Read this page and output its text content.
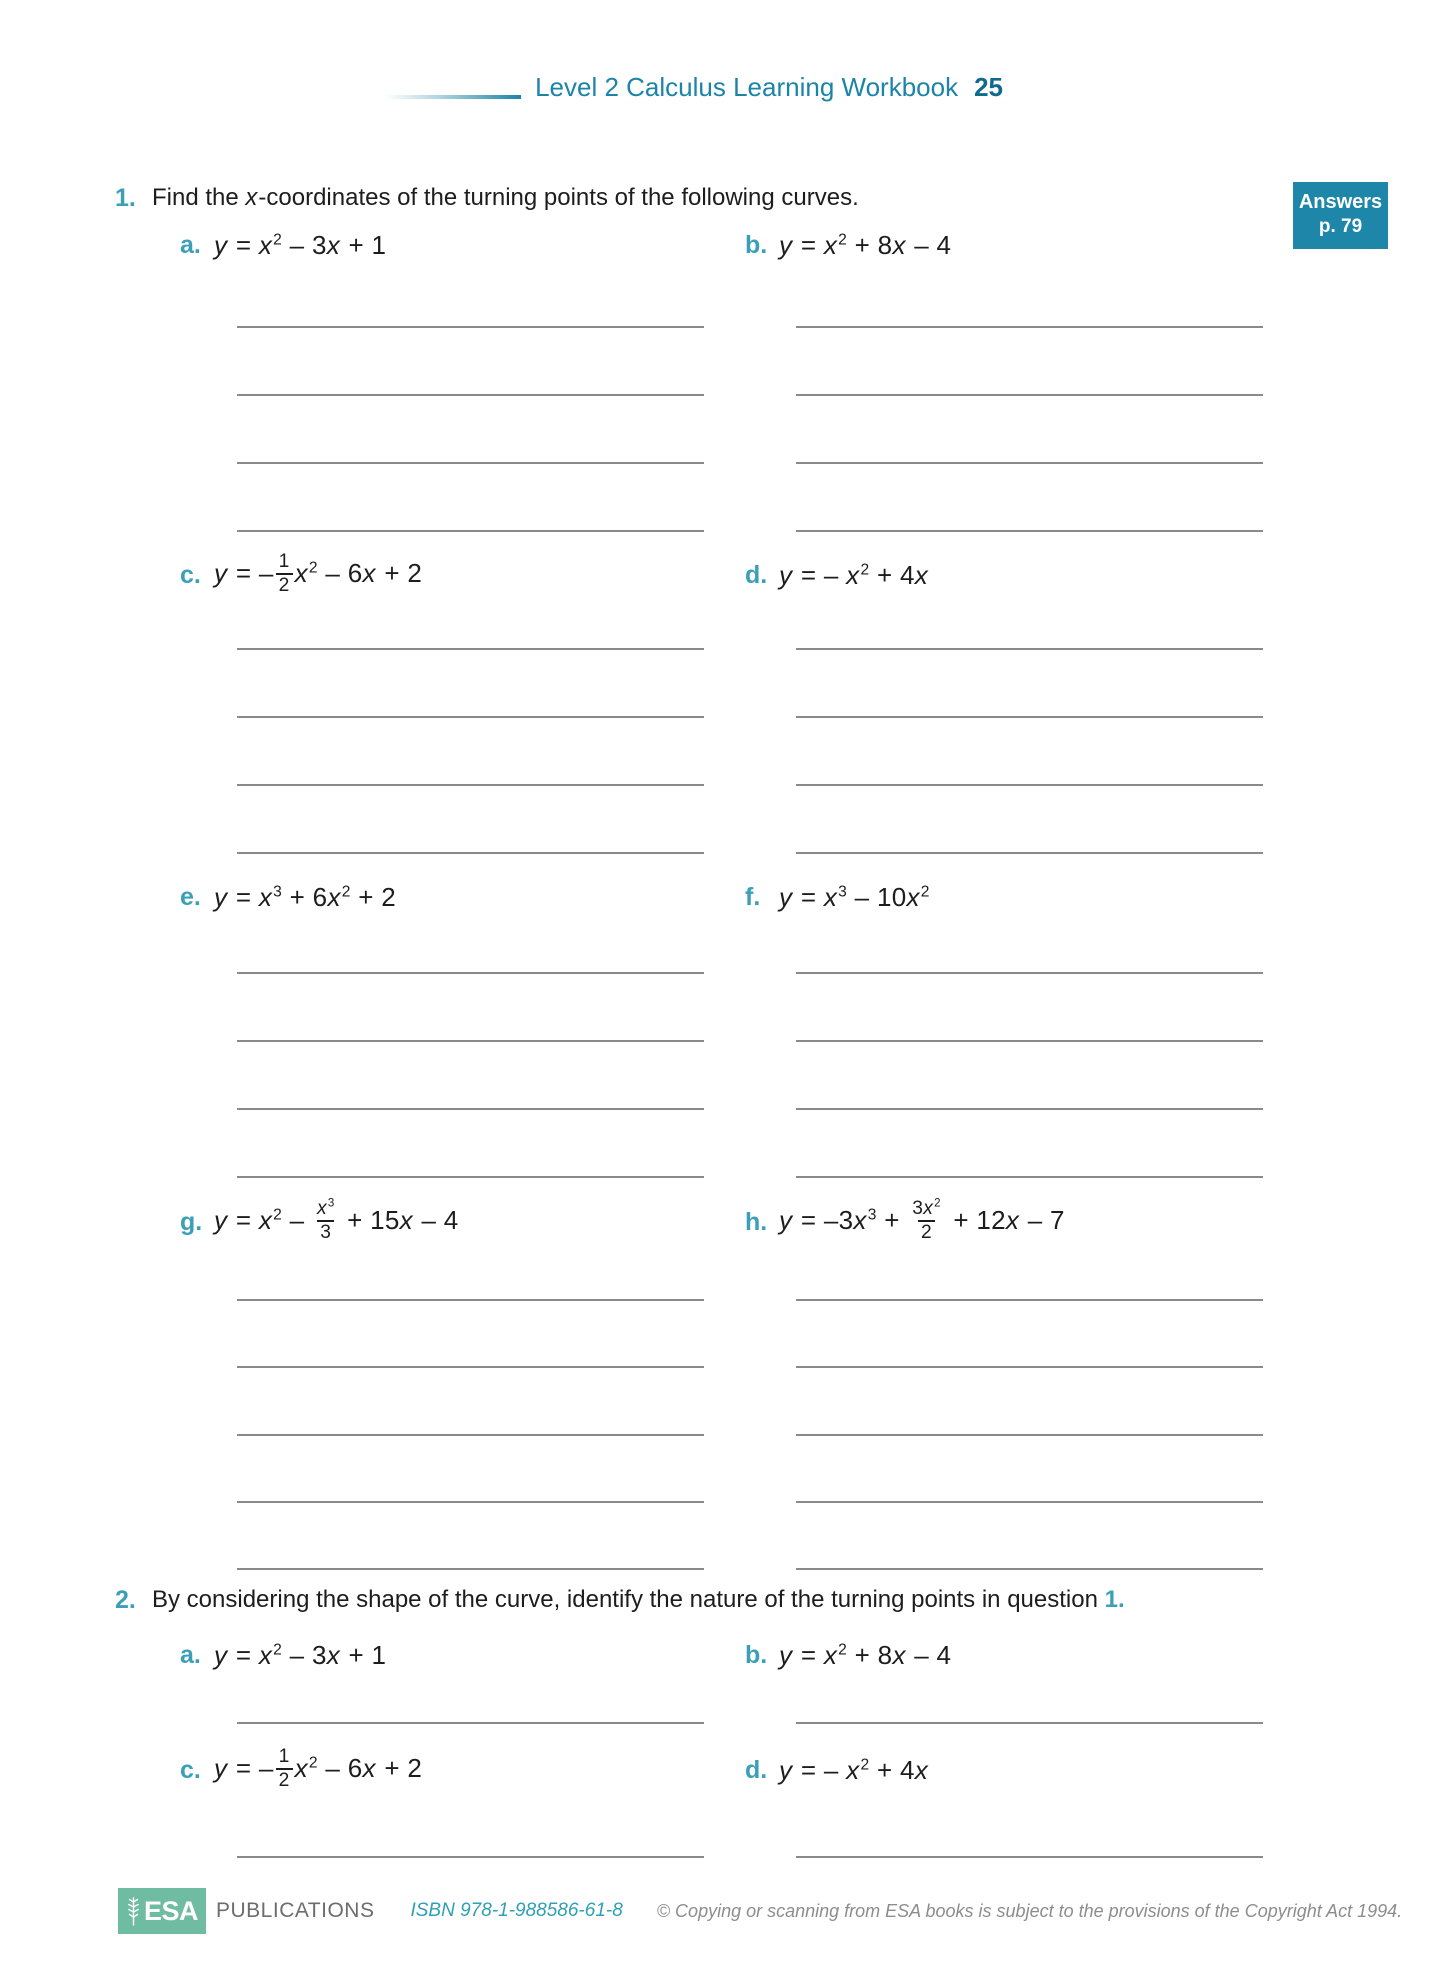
Level 2 Calculus Learning Workbook 25
Answers
p. 79
1. Find the x-coordinates of the turning points of the following curves.
a. $y = x^2 - 3x + 1$	b. $y = x^2 + 8x - 4$
c. y = – $\frac{1}{2} x^2 - 6x + 2$	d. y = – $x^2 + 4x$
e. $y = x^3 + 6x^2 + 2$	f. $y = x^3 - 10x^2$
g. $y = x^2 - \frac{x^3}{3} + 15x - 4$	h. $y = -3x^3 + \frac{3x^2}{2} + 12x - 7$
2. By considering the shape of the curve, identify the nature of the turning points in question 1.
a. $y = x^2 - 3x + 1$	b. $y = x^2 + 8x - 4$
c. y = – $\frac{1}{2} x^2 - 6x + 2$	d. y = – $x^2 + 4x$
ESA PUBLICATIONS ISBN 978-1-988586-61-8 © Copying or scanning from ESA books is subject to the provisions of the Copyright Act 1994.
